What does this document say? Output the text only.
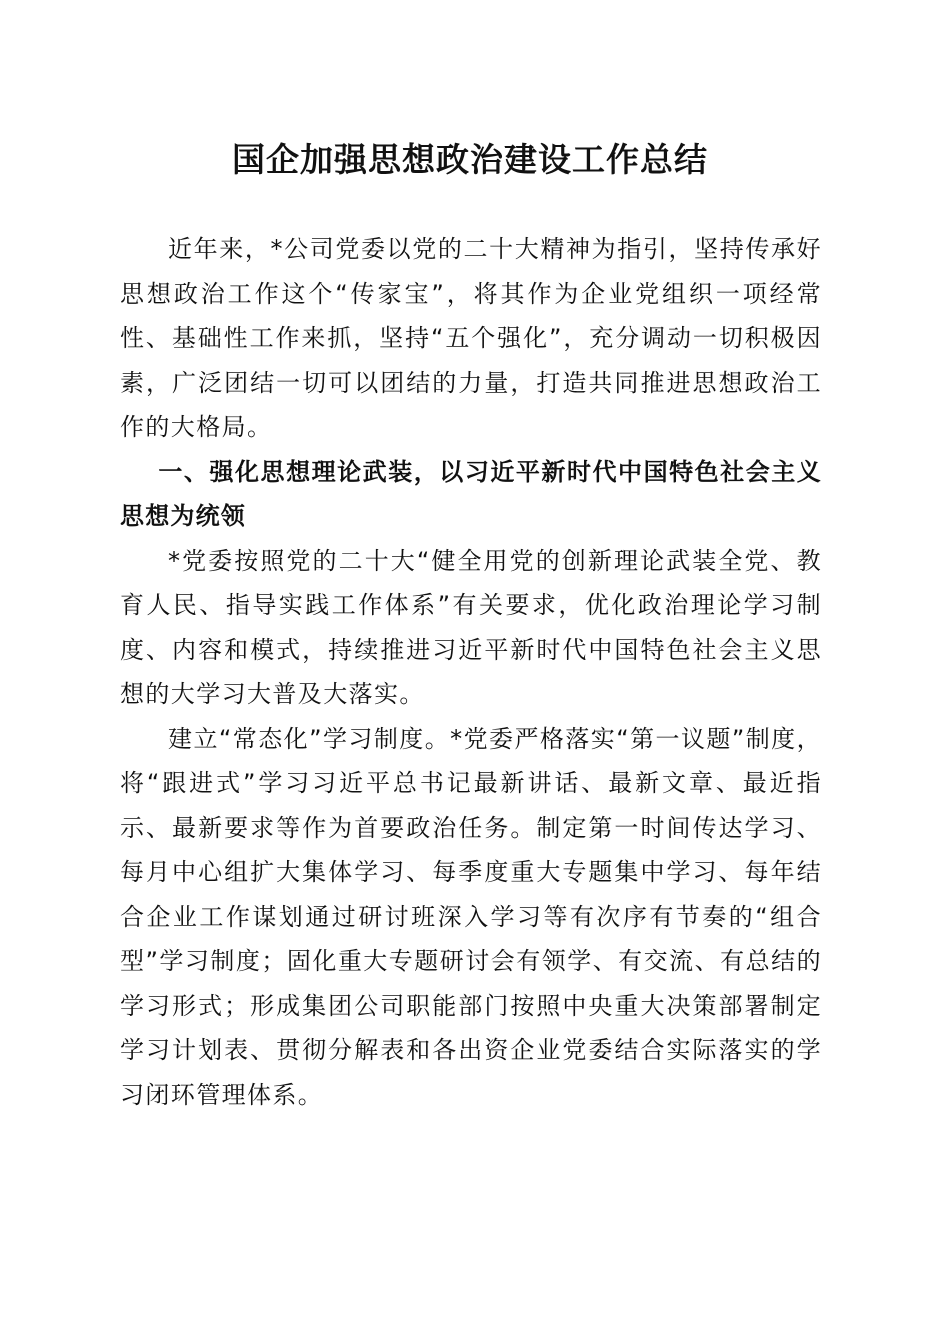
国企加强思想政治建设工作总结

近年来，*公司党委以党的二十大精神为指引，坚持传承好思想政治工作这个“传家宝”，将其作为企业党组织一项经常性、基础性工作来抓，坚持“五个强化”，充分调动一切积极因素，广泛团结一切可以团结的力量，打造共同推进思想政治工作的大格局。

一、强化思想理论武装，以习近平新时代中国特色社会主义思想为统领

*党委按照党的二十大“健全用党的创新理论武装全党、教育人民、指导实践工作体系”有关要求，优化政治理论学习制度、内容和模式，持续推进习近平新时代中国特色社会主义思想的大学习大普及大落实。

建立“常态化”学习制度。*党委严格落实“第一议题”制度，将“跟进式”学习习近平总书记最新讲话、最新文章、最近指示、最新要求等作为首要政治任务。制定第一时间传达学习、每月中心组扩大集体学习、每季度重大专题集中学习、每年结合企业工作谋划通过研讨班深入学习等有次序有节奏的“组合型”学习制度；固化重大专题研讨会有领学、有交流、有总结的学习形式；形成集团公司职能部门按照中央重大决策部署制定学习计划表、贯彻分解表和各出资企业党委结合实际落实的学习闭环管理体系。
